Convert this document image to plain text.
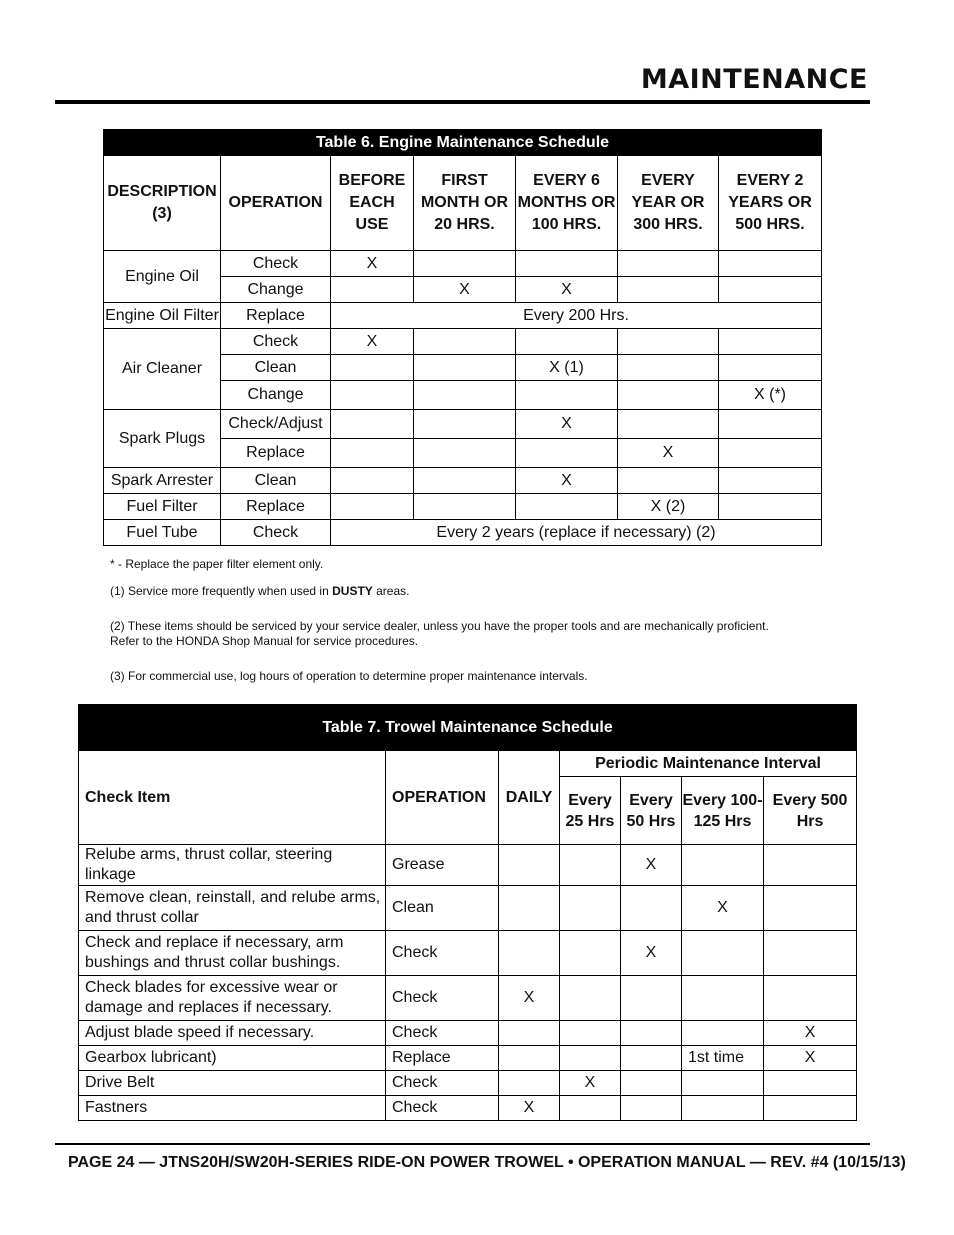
MAINTENANCE
Table 6. Engine Maintenance Schedule						
DESCRIPTION (3)	OPERATION	BEFORE EACH USE	FIRST MONTH OR 20 HRS.	EVERY 6 MONTHS OR 100 HRS.	EVERY YEAR OR 300 HRS.	EVERY 2 YEARS OR 500 HRS.
Engine Oil	Check	X				
	Change		X	X		
Engine Oil Filter	Replace	Every 200 Hrs.				
Air Cleaner	Check	X				
	Clean			X (1)		
	Change					X (*)
Spark Plugs	Check/Adjust			X		
	Replace				X	
Spark Arrester	Clean			X		
Fuel Filter	Replace				X (2)	
Fuel Tube	Check	Every 2 years (replace if necessary) (2)				
* - Replace the paper filter element only.
(1) Service more frequently when used in DUSTY areas.
(2) These items should be serviced by your service dealer, unless you have the proper tools and are mechanically proficient.
Refer to the HONDA Shop Manual for service procedures.
(3) For commercial use, log hours of operation to determine proper maintenance intervals.
Table 7. Trowel Maintenance Schedule						
Check Item	OPERATION	DAILY	Periodic Maintenance Interval			
			Every 25 Hrs	Every 50 Hrs	Every 100-125 Hrs	Every 500 Hrs
Relube arms, thrust collar, steering linkage	Grease			X		
Remove clean, reinstall, and relube arms, and thrust collar	Clean				X	
Check and replace if necessary, arm bushings and thrust collar bushings.	Check			X		
Check blades for excessive wear or damage and replaces if necessary.	Check	X				
Adjust blade speed if necessary.	Check					X
Gearbox lubricant)	Replace				1st time	X
Drive Belt	Check		X			
Fastners	Check	X				
PAGE 24 — JTNS20H/SW20H-SERIES RIDE-ON POWER TROWEL • OPERATION MANUAL — REV. #4 (10/15/13)
